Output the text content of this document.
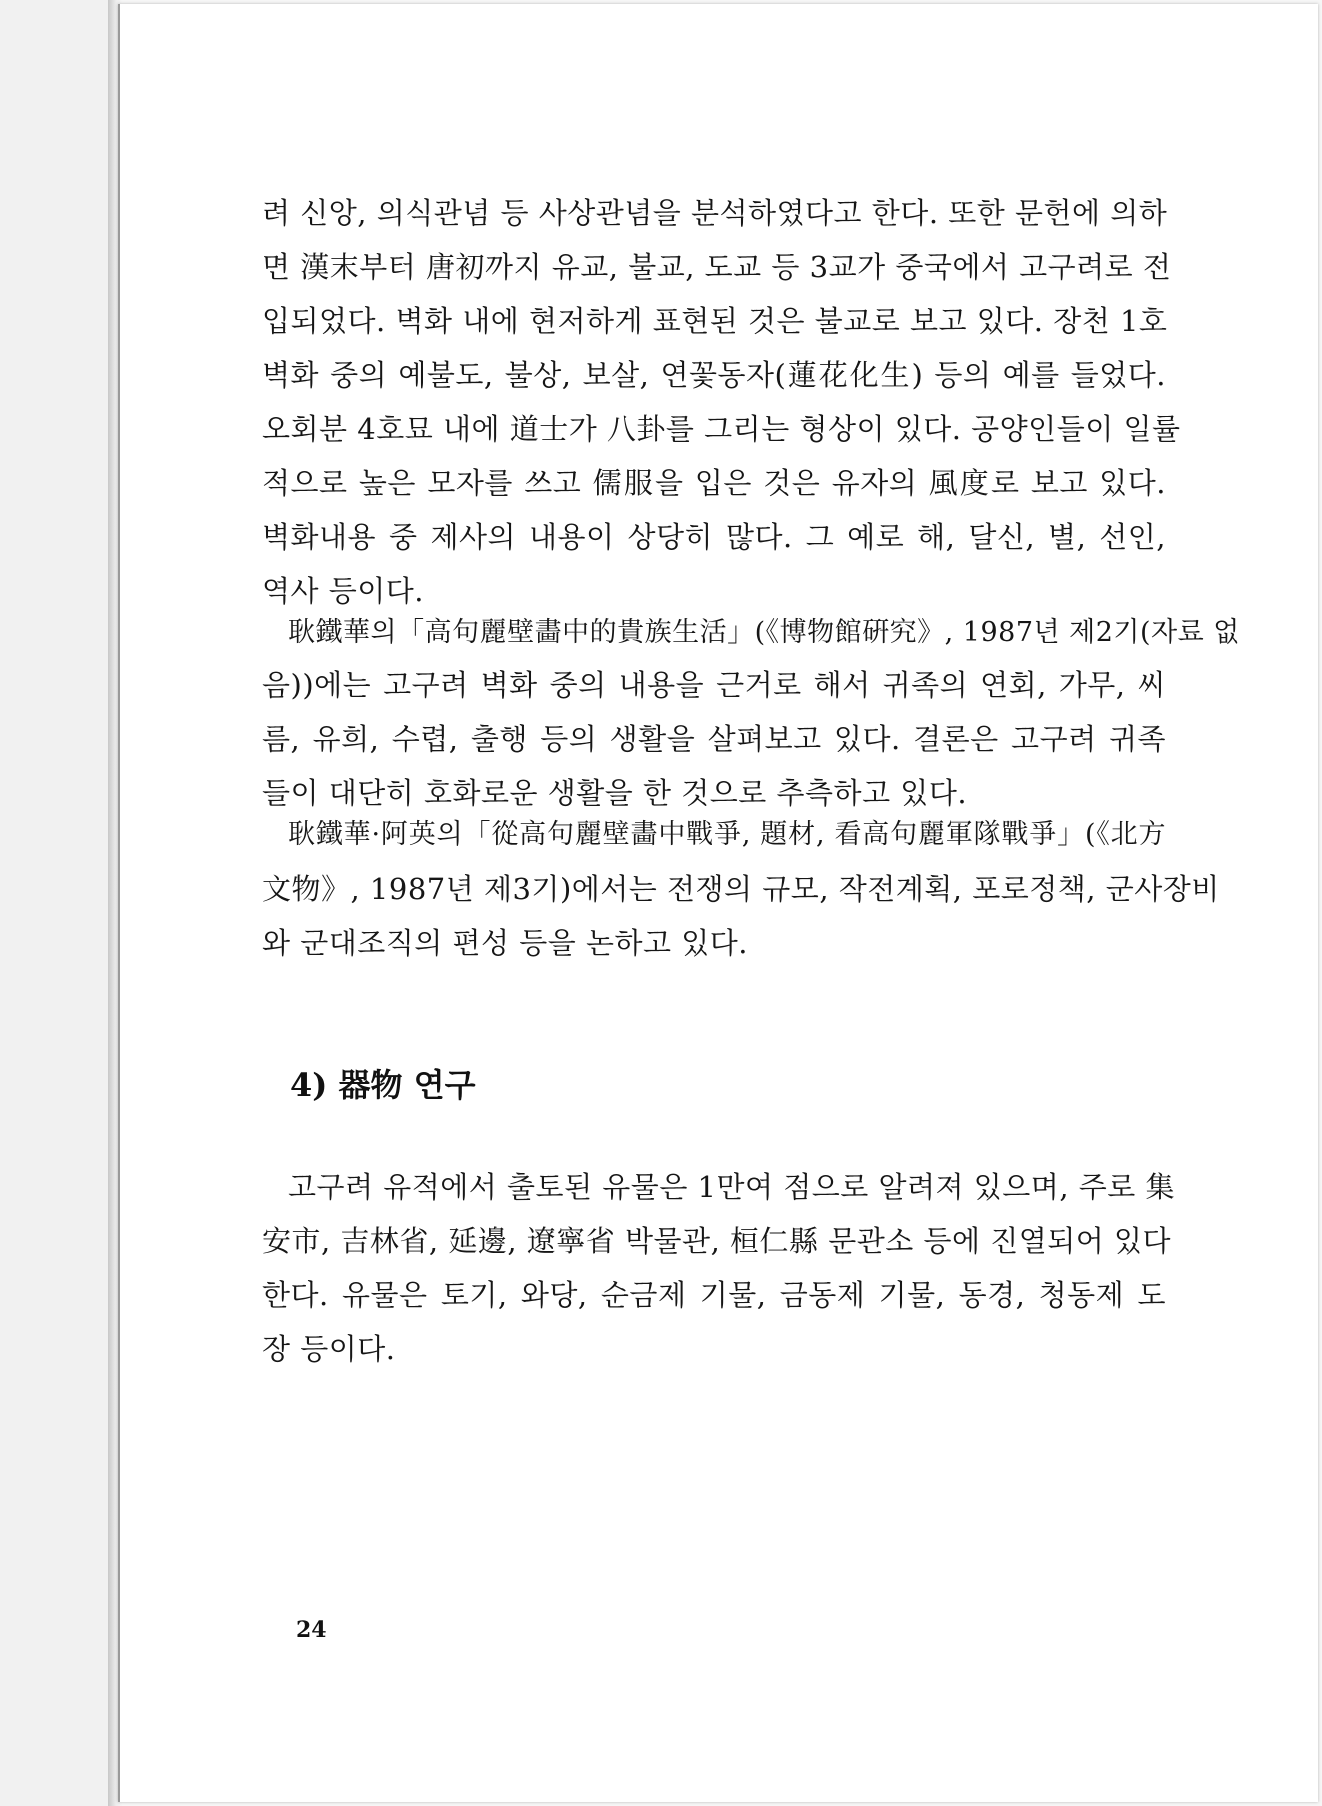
려 신앙, 의식관념 등 사상관념을 분석하였다고 한다. 또한 문헌에 의하
면 漢末부터 唐初까지 유교, 불교, 도교 등 3교가 중국에서 고구려로 전
입되었다. 벽화 내에 현저하게 표현된 것은 불교로 보고 있다. 장천 1호
벽화 중의 예불도, 불상, 보살, 연꽃동자(蓮花化生) 등의 예를 들었다.
오회분 4호묘 내에 道士가 八卦를 그리는 형상이 있다. 공양인들이 일률
적으로 높은 모자를 쓰고 儒服을 입은 것은 유자의 風度로 보고 있다.
벽화내용 중 제사의 내용이 상당히 많다. 그 예로 해, 달신, 별, 선인,
역사 등이다.
耿鐵華의「高句麗壁畵中的貴族生活」(《博物館硏究》, 1987년 제2기(자료 없
음))에는 고구려 벽화 중의 내용을 근거로 해서 귀족의 연회, 가무, 씨
름, 유희, 수렵, 출행 등의 생활을 살펴보고 있다. 결론은 고구려 귀족
들이 대단히 호화로운 생활을 한 것으로 추측하고 있다.
耿鐵華·阿英의「從高句麗壁畵中戰爭, 題材, 看高句麗軍隊戰爭」(《北方
文物》, 1987년 제3기)에서는 전쟁의 규모, 작전계획, 포로정책, 군사장비
와 군대조직의 편성 등을 논하고 있다.
4) 器物 연구
고구려 유적에서 출토된 유물은 1만여 점으로 알려져 있으며, 주로 集
安市, 吉林省, 延邊, 遼寧省 박물관, 桓仁縣 문관소 등에 진열되어 있다
한다. 유물은 토기, 와당, 순금제 기물, 금동제 기물, 동경, 청동제 도
장 등이다.
24
